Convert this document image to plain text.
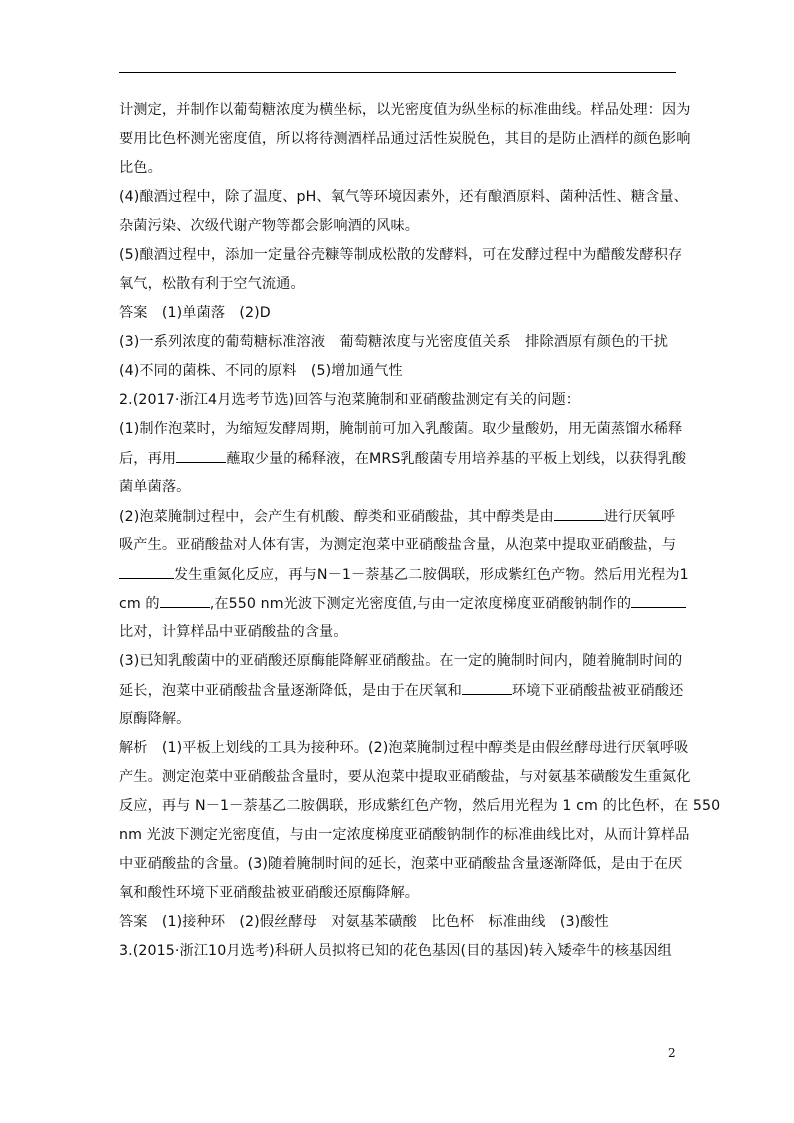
计测定，并制作以葡萄糖浓度为横坐标，以光密度值为纵坐标的标准曲线。样品处理：因为

要用比色杯测光密度值，所以将待测酒样品通过活性炭脱色，其目的是防止酒样的颜色影响

比色。

(4)酿酒过程中，除了温度、pH、氧气等环境因素外，还有酿酒原料、菌种活性、糖含量、

杂菌污染、次级代谢产物等都会影响酒的风味。

(5)酿酒过程中，添加一定量谷壳糠等制成松散的发酵料，可在发酵过程中为醋酸发酵积存

氧气，松散有利于空气流通。

答案　(1)单菌落　(2)D

(3)一系列浓度的葡萄糖标准溶液　葡萄糖浓度与光密度值关系　排除酒原有颜色的干扰

(4)不同的菌株、不同的原料　(5)增加通气性

2.(2017·浙江4月选考节选)回答与泡菜腌制和亚硝酸盐测定有关的问题：

(1)制作泡菜时，为缩短发酵周期，腌制前可加入乳酸菌。取少量酸奶，用无菌蒸馏水稀释

后，再用	蘸取少量的稀释液，在MRS乳酸菌专用培养基的平板上划线，以获得乳酸

菌单菌落。

(2)泡菜腌制过程中，会产生有机酸、醇类和亚硝酸盐，其中醇类是由	进行厌氧呼

吸产生。亚硝酸盐对人体有害，为测定泡菜中亚硝酸盐含量，从泡菜中提取亚硝酸盐，与

发生重氮化反应，再与N－1－萘基乙二胺偶联，形成紫红色产物。然后用光程为1

cm 的	,在550 nm光波下测定光密度值,与由一定浓度梯度亚硝酸钠制作的

比对，计算样品中亚硝酸盐的含量。

(3)已知乳酸菌中的亚硝酸还原酶能降解亚硝酸盐。在一定的腌制时间内，随着腌制时间的

延长，泡菜中亚硝酸盐含量逐渐降低，是由于在厌氧和	环境下亚硝酸盐被亚硝酸还

原酶降解。

解析　(1)平板上划线的工具为接种环。(2)泡菜腌制过程中醇类是由假丝酵母进行厌氧呼吸

产生。测定泡菜中亚硝酸盐含量时，要从泡菜中提取亚硝酸盐，与对氨基苯磺酸发生重氮化

反应，再与 N－1－萘基乙二胺偶联，形成紫红色产物，然后用光程为 1 cm 的比色杯，在 550

nm 光波下测定光密度值，与由一定浓度梯度亚硝酸钠制作的标准曲线比对，从而计算样品

中亚硝酸盐的含量。(3)随着腌制时间的延长，泡菜中亚硝酸盐含量逐渐降低，是由于在厌

氧和酸性环境下亚硝酸盐被亚硝酸还原酶降解。

答案　(1)接种环　(2)假丝酵母　对氨基苯磺酸　比色杯　标准曲线　(3)酸性

3.(2015·浙江10月选考)科研人员拟将已知的花色基因(目的基因)转入矮牵牛的核基因组

2
